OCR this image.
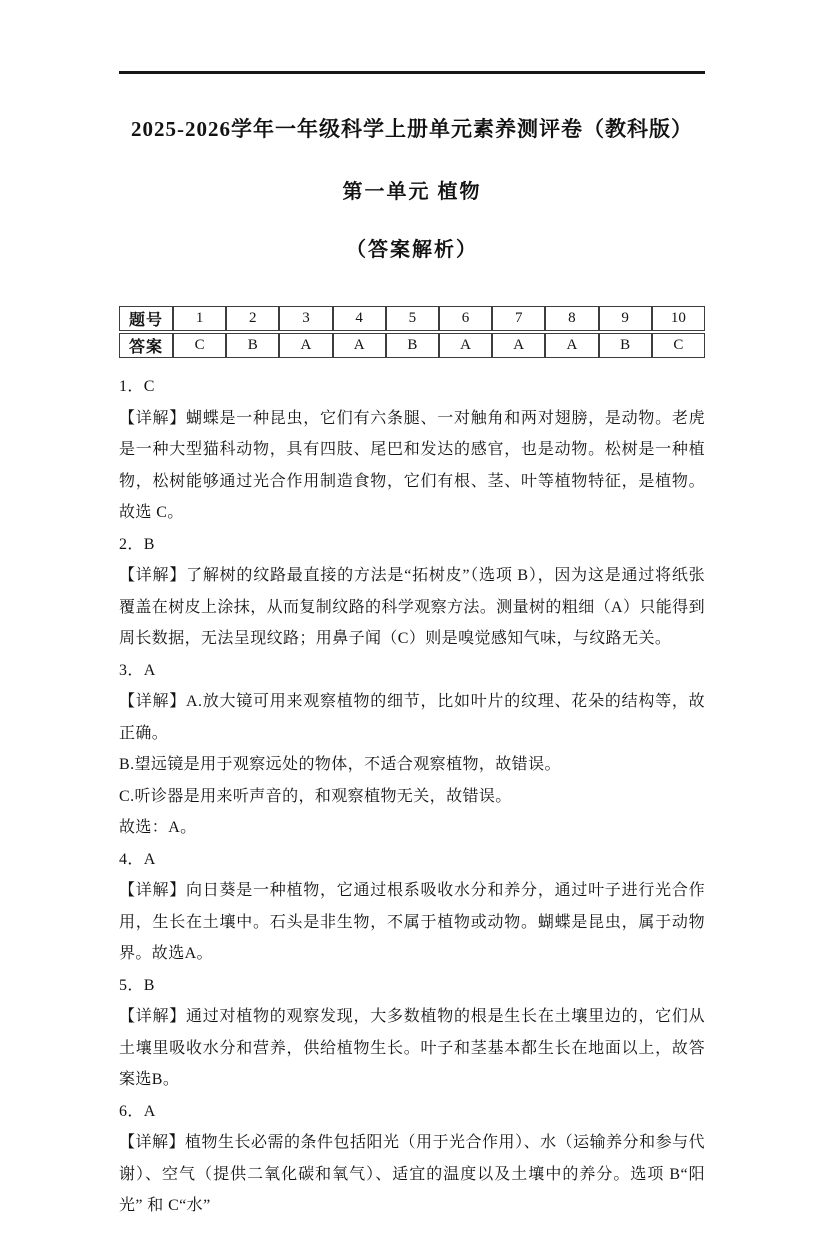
2025-2026学年一年级科学上册单元素养测评卷（教科版）
第一单元 植物
（答案解析）
题号	1	2	3	4	5	6	7	8	9	10
答案	C	B	A	A	B	A	A	A	B	C

1．C

【详解】蝴蝶是一种昆虫，它们有六条腿、一对触角和两对翅膀，是动物。老虎是一种大型猫科动物，具有四肢、尾巴和发达的感官，也是动物。松树是一种植物，松树能够通过光合作用制造食物，它们有根、茎、叶等植物特征，是植物。故选 C。

2．B

【详解】了解树的纹路最直接的方法是“拓树皮”（选项 B），因为这是通过将纸张覆盖在树皮上涂抹，从而复制纹路的科学观察方法。测量树的粗细（A）只能得到周长数据，无法呈现纹路；用鼻子闻（C）则是嗅觉感知气味，与纹路无关。

3．A

【详解】A.放大镜可用来观察植物的细节，比如叶片的纹理、花朵的结构等，故正确。

B.望远镜是用于观察远处的物体，不适合观察植物，故错误。

C.听诊器是用来听声音的，和观察植物无关，故错误。

故选：A。

4．A

【详解】向日葵是一种植物，它通过根系吸收水分和养分，通过叶子进行光合作用，生长在土壤中。石头是非生物，不属于植物或动物。蝴蝶是昆虫，属于动物界。故选A。

5．B

【详解】通过对植物的观察发现，大多数植物的根是生长在土壤里边的，它们从土壤里吸收水分和营养，供给植物生长。叶子和茎基本都生长在地面以上，故答案选B。

6．A

【详解】植物生长必需的条件包括阳光（用于光合作用）、水（运输养分和参与代谢）、空气（提供二氧化碳和氧气）、适宜的温度以及土壤中的养分。选项 B“阳光” 和 C“水”
